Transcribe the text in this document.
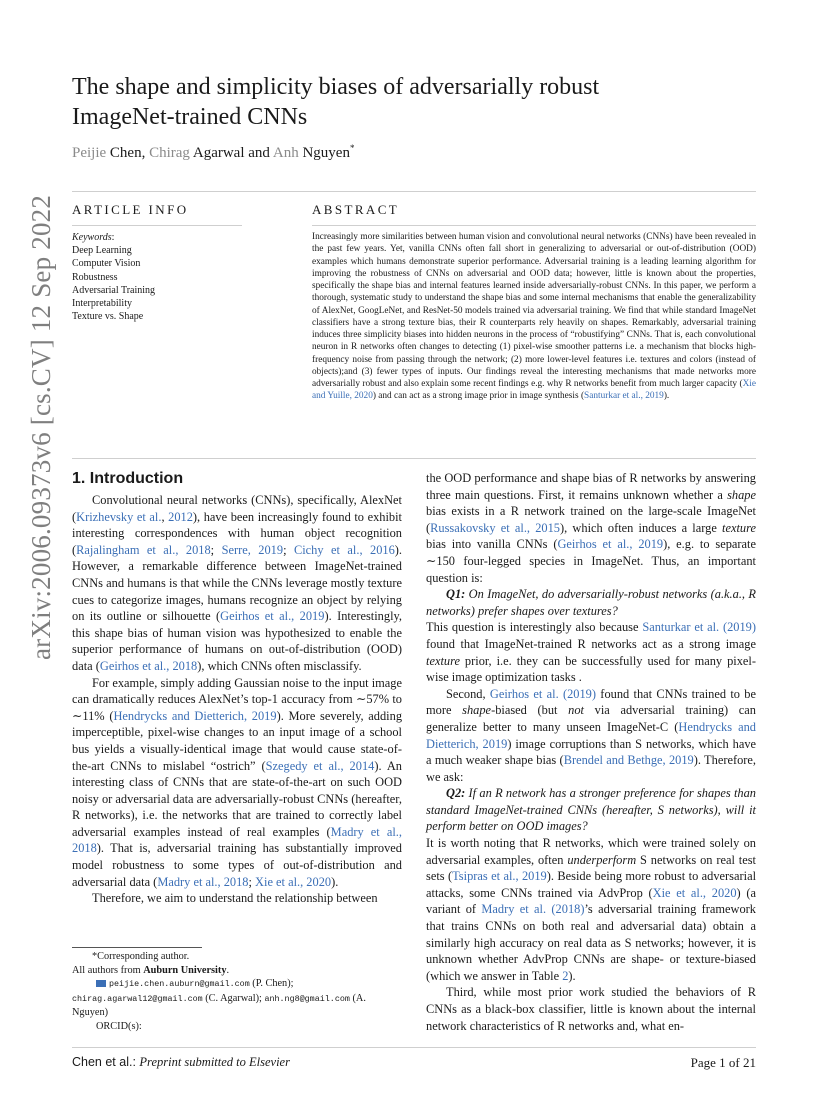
arXiv:2006.09373v6 [cs.CV] 12 Sep 2022
The shape and simplicity biases of adversarially robust
ImageNet-trained CNNs
Peijie Chen, Chirag Agarwal and Anh Nguyen*
ARTICLE INFO	ABSTRACT
Keywords:
Deep Learning
Computer Vision
Robustness
Adversarial Training
Interpretability
Texture vs. Shape
Increasingly more similarities between human vision and convolutional neural networks (CNNs) have been revealed in the past few years. Yet, vanilla CNNs often fall short in generalizing to adversarial or out-of-distribution (OOD) examples which humans demonstrate superior performance. Adversarial training is a leading learning algorithm for improving the robustness of CNNs on adversarial and OOD data; however, little is known about the properties, specifically the shape bias and internal features learned inside adversarially-robust CNNs. In this paper, we perform a thorough, systematic study to understand the shape bias and some internal mechanisms that enable the generalizability of AlexNet, GoogLeNet, and ResNet-50 models trained via adversarial training. We find that while standard ImageNet classifiers have a strong texture bias, their R counterparts rely heavily on shapes. Remarkably, adversarial training induces three simplicity biases into hidden neurons in the process of “robustifying” CNNs. That is, each convolutional neuron in R networks often changes to detecting (1) pixel-wise smoother patterns i.e. a mechanism that blocks high-frequency noise from passing through the network; (2) more lower-level features i.e. textures and colors (instead of objects);and (3) fewer types of inputs. Our findings reveal the interesting mechanisms that made networks more adversarially robust and also explain some recent findings e.g. why R networks benefit from much larger capacity (Xie and Yuille, 2020) and can act as a strong image prior in image synthesis (Santurkar et al., 2019).
1. Introduction

Convolutional neural networks (CNNs), specifically, AlexNet (Krizhevsky et al., 2012), have been increasingly found to exhibit interesting correspondences with human object recognition (Rajalingham et al., 2018; Serre, 2019; Cichy et al., 2016). However, a remarkable difference between ImageNet-trained CNNs and humans is that while the CNNs leverage mostly texture cues to categorize images, humans recognize an object by relying on its outline or silhouette (Geirhos et al., 2019). Interestingly, this shape bias of human vision was hypothesized to enable the superior performance of humans on out-of-distribution (OOD) data (Geirhos et al., 2018), which CNNs often misclassify.

For example, simply adding Gaussian noise to the input image can dramatically reduces AlexNet’s top-1 accuracy from ∼57% to ∼11% (Hendrycks and Dietterich, 2019). More severely, adding imperceptible, pixel-wise changes to an input image of a school bus yields a visually-identical image that would cause state-of-the-art CNNs to mislabel “ostrich” (Szegedy et al., 2014). An interesting class of CNNs that are state-of-the-art on such OOD noisy or adversarial data are adversarially-robust CNNs (hereafter, R networks), i.e. the networks that are trained to correctly label adversarial examples instead of real examples (Madry et al., 2018). That is, adversarial training has substantially improved model robustness to some types of out-of-distribution and adversarial data (Madry et al., 2018; Xie et al., 2020).

Therefore, we aim to understand the relationship between

*Corresponding author.
All authors from Auburn University.
peijie.chen.auburn@gmail.com (P. Chen);
chirag.agarwal12@gmail.com (C. Agarwal); anh.ng8@gmail.com (A. Nguyen)
ORCID(s):

the OOD performance and shape bias of R networks by answering three main questions. First, it remains unknown whether a shape bias exists in a R network trained on the large-scale ImageNet (Russakovsky et al., 2015), which often induces a large texture bias into vanilla CNNs (Geirhos et al., 2019), e.g. to separate ∼150 four-legged species in ImageNet. Thus, an important question is:

Q1: On ImageNet, do adversarially-robust networks (a.k.a., R networks) prefer shapes over textures?

This question is interestingly also because Santurkar et al. (2019) found that ImageNet-trained R networks act as a strong image texture prior, i.e. they can be successfully used for many pixel-wise image optimization tasks .

Second, Geirhos et al. (2019) found that CNNs trained to be more shape-biased (but not via adversarial training) can generalize better to many unseen ImageNet-C (Hendrycks and Dietterich, 2019) image corruptions than S networks, which have a much weaker shape bias (Brendel and Bethge, 2019). Therefore, we ask:

Q2: If an R network has a stronger preference for shapes than standard ImageNet-trained CNNs (hereafter, S networks), will it perform better on OOD images?

It is worth noting that R networks, which were trained solely on adversarial examples, often underperform S networks on real test sets (Tsipras et al., 2019). Beside being more robust to adversarial attacks, some CNNs trained via AdvProp (Xie et al., 2020) (a variant of Madry et al. (2018)’s adversarial training framework that trains CNNs on both real and adversarial data) obtain a similarly high accuracy on real data as S networks; however, it is unknown whether AdvProp CNNs are shape- or texture-biased (which we answer in Table 2).

Third, while most prior work studied the behaviors of R CNNs as a black-box classifier, little is known about the internal network characteristics of R networks and, what en-

Chen et al.: Preprint submitted to Elsevier	Page 1 of 21
